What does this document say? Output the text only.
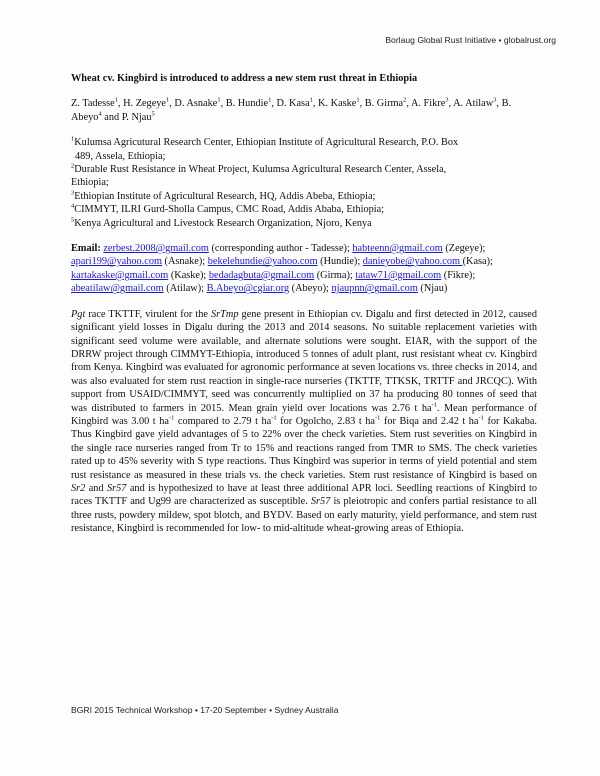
Borlaug Global Rust Initiative • globalrust.org
Wheat cv. Kingbird is introduced to address a new stem rust threat in Ethiopia
Z. Tadesse$^1$, H. Zegeye$^1$, D. Asnake$^1$, B. Hundie$^1$, D. Kasa$^1$, K. Kaske$^1$, B. Girma$^2$, A. Fikre$^3$, A. Atilaw$^3$, B. Abeyo$^4$ and P. Njau$^5$
$^1$Kulumsa Agricutural Research Center, Ethiopian Institute of Agricultural Research, P.O. Box
489, Assela, Ethiopia;
$^2$Durable Rust Resistance in Wheat Project, Kulumsa Agricultural Research Center, Assela,
Ethiopia;
$^3$Ethiopian Institute of Agricultural Research, HQ, Addis Abeba, Ethiopia;
$^4$CIMMYT, ILRI Gurd-Sholla Campus, CMC Road, Addis Ababa, Ethiopia;
$^5$Kenya Agricultural and Livestock Research Organization, Njoro, Kenya
Email: zerbest.2008@gmail.com (corresponding author - Tadesse); habteenn@gmail.com (Zegeye); apari199@yahoo.com (Asnake); bekelehundie@yahoo.com (Hundie); danieyobe@yahoo.com (Kasa); kartakaske@gmail.com (Kaske); bedadagbuta@gmail.com (Girma); tataw71@gmail.com (Fikre); abeatilaw@gmail.com (Atilaw); B.Abeyo@cgiar.org (Abeyo); njaupnn@gmail.com (Njau)

Pgt race TKTTF, virulent for the SrTmp gene present in Ethiopian cv. Digalu and first detected in 2012, caused significant yield losses in Digalu during the 2013 and 2014 seasons. No suitable replacement varieties with significant seed volume were available, and alternate solutions were sought. EIAR, with the support of the DRRW project through CIMMYT-Ethiopia, introduced 5 tonnes of adult plant, rust resistant wheat cv. Kingbird from Kenya. Kingbird was evaluated for agronomic performance at seven locations vs. three checks in 2014, and was also evaluated for stem rust reaction in single-race nurseries (TKTTF, TTKSK, TRTTF and JRCQC). With support from USAID/CIMMYT, seed was concurrently multiplied on 37 ha producing 80 tonnes of seed that was distributed to farmers in 2015. Mean grain yield over locations was 2.76 t $ha^{-1}$. Mean performance of Kingbird was 3.00 t $ha^{-1}$ compared to 2.79 t $ha^{-1}$ for Ogolcho, 2.83 t $ha^{-1}$ for Biqa and 2.42 t $ha^{-1}$ for Kakaba. Thus Kingbird gave yield advantages of 5 to 22% over the check varieties. Stem rust severities on Kingbird in the single race nurseries ranged from Tr to 15% and reactions ranged from TMR to SMS. The check varieties rated up to 45% severity with S type reactions. Thus Kingbird was superior in terms of yield potential and stem rust resistance as measured in these trials vs. the check varieties. Stem rust resistance of Kingbird is based on Sr2 and Sr57 and is hypothesized to have at least three additional APR loci. Seedling reactions of Kingbird to races TKTTF and Ug99 are characterized as susceptible. Sr57 is pleiotropic and confers partial resistance to all three rusts, powdery mildew, spot blotch, and BYDV. Based on early maturity, yield performance, and stem rust resistance, Kingbird is recommended for low- to mid-altitude wheat-growing areas of Ethiopia.

BGRI 2015 Technical Workshop • 17-20 September • Sydney Australia
